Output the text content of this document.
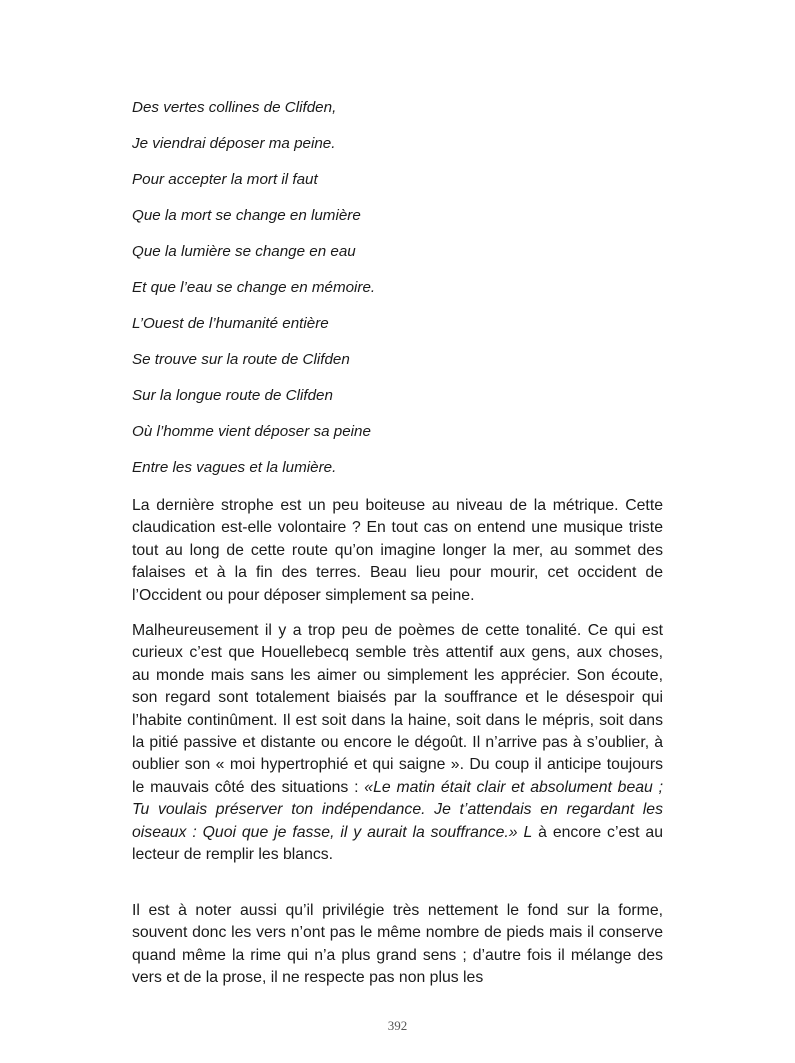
Des vertes collines de Clifden,
Je viendrai déposer ma peine.
Pour accepter la mort il faut
Que la mort se change en lumière
Que la lumière se change en eau
Et que l’eau se change en mémoire.
L’Ouest de l’humanité entière
Se trouve sur la route de Clifden
Sur la longue route de Clifden
Où l’homme vient déposer sa peine
Entre les vagues et la lumière.

La dernière strophe est un peu boiteuse au niveau de la métrique. Cette claudication est-elle volontaire ? En tout cas on entend une musique triste tout au long de cette route qu’on imagine longer la mer, au sommet des falaises et à la fin des terres. Beau lieu pour mourir, cet occident de l’Occident ou pour déposer simplement sa peine.

Malheureusement il y a trop peu de poèmes de cette tonalité. Ce qui est curieux c’est que Houellebecq semble très attentif aux gens, aux choses, au monde mais sans les aimer ou simplement les apprécier. Son écoute, son regard sont totalement biaisés par la souffrance et le désespoir qui l’habite continûment. Il est soit dans la haine, soit dans le mépris, soit dans la pitié passive et distante ou encore le dégoût. Il n’arrive pas à s’oublier, à oublier son « moi hypertrophié et qui saigne ». Du coup il anticipe toujours le mauvais côté des situations : «Le matin était clair et absolument beau ; Tu voulais préserver ton indépendance. Je t’attendais en regardant les oiseaux : Quoi que je fasse, il y aurait la souffrance.» L à encore c’est au lecteur de remplir les blancs.

Il est à noter aussi qu’il privilégie très nettement le fond sur la forme, souvent donc les vers n’ont pas le même nombre de pieds mais il conserve quand même la rime qui n’a plus grand sens ; d’autre fois il mélange des vers et de la prose, il ne respecte pas non plus les

392
